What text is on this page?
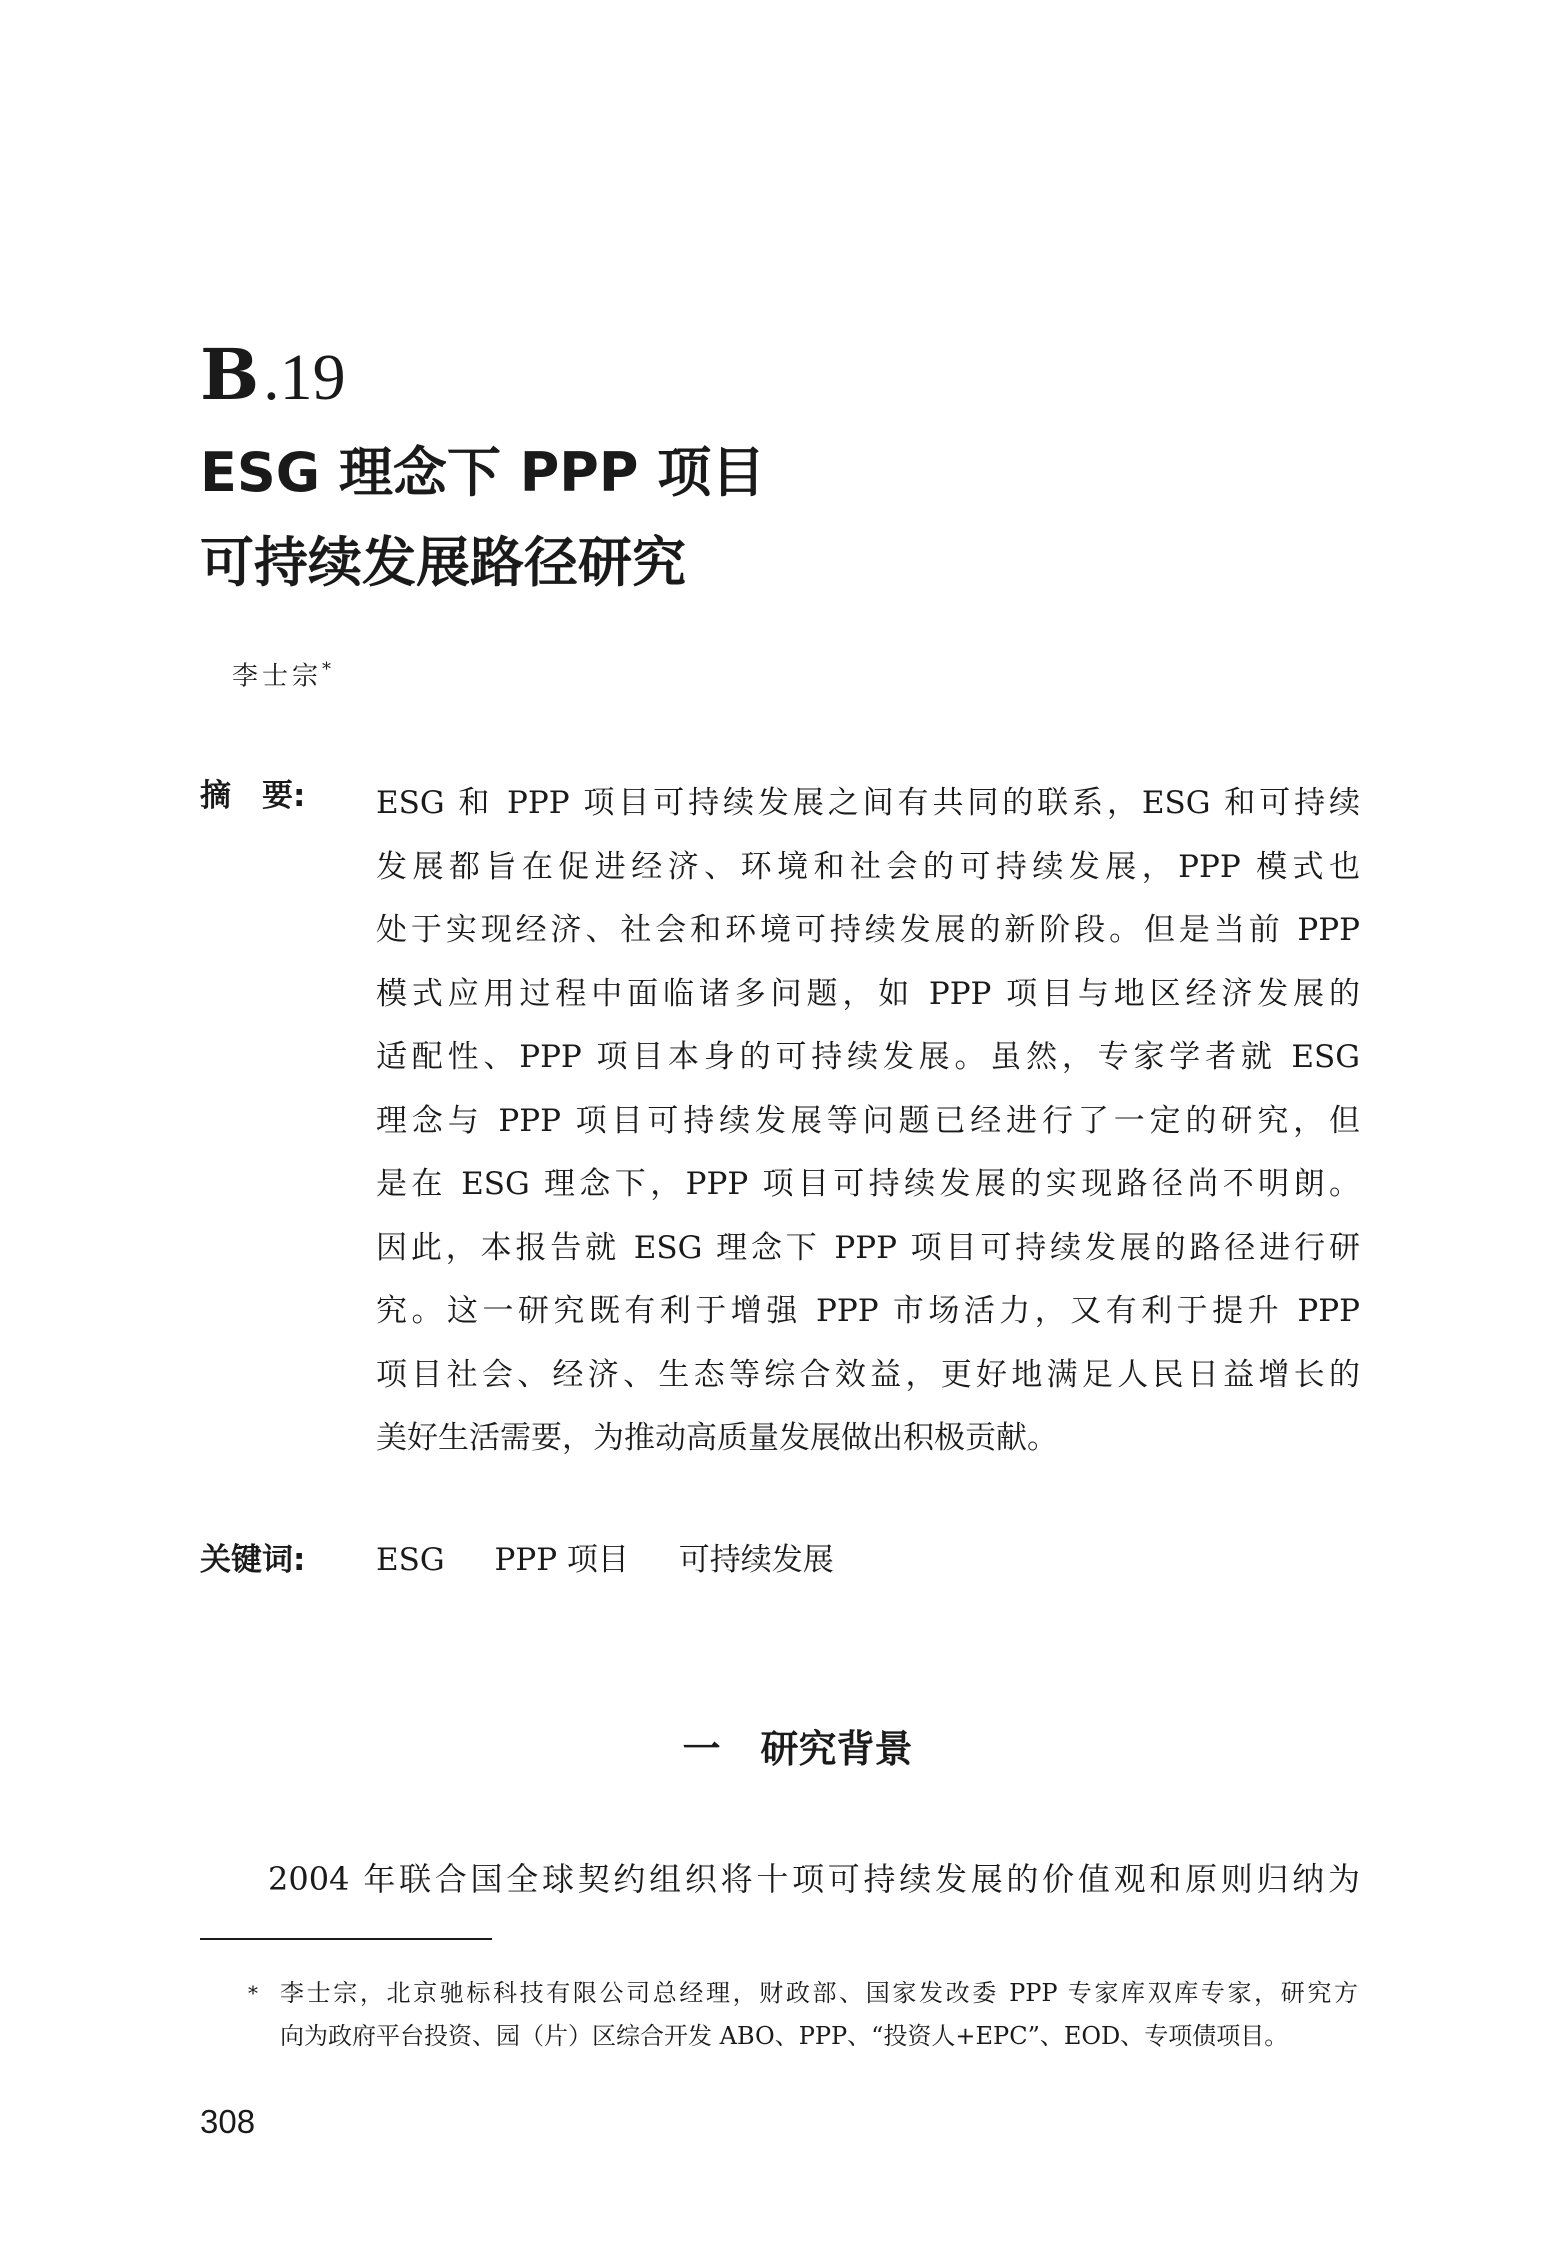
B .19
ESG 理念下 PPP 项目
可持续发展路径研究
李士宗*
摘　要: ESG 和 PPP 项目可持续发展之间有共同的联系，ESG 和可持续
发展都旨在促进经济、环境和社会的可持续发展，PPP 模式也
处于实现经济、社会和环境可持续发展的新阶段。但是当前 PPP
模式应用过程中面临诸多问题，如 PPP 项目与地区经济发展的
适配性、PPP 项目本身的可持续发展。虽然，专家学者就 ESG
理念与 PPP 项目可持续发展等问题已经进行了一定的研究，但
是在 ESG 理念下，PPP 项目可持续发展的实现路径尚不明朗。
因此，本报告就 ESG 理念下 PPP 项目可持续发展的路径进行研
究。这一研究既有利于增强 PPP 市场活力，又有利于提升 PPP
项目社会、经济、生态等综合效益，更好地满足人民日益增长的
美好生活需要，为推动高质量发展做出积极贡献。
关键词: ESG PPP 项目 可持续发展
一 研究背景
2004 年联合国全球契约组织将十项可持续发展的价值观和原则归纳为
* 李士宗，北京驰标科技有限公司总经理，财政部、国家发改委 PPP 专家库双库专家，研究方
向为政府平台投资、园（片）区综合开发 ABO、PPP、“投资人+EPC”、EOD、专项债项目。
308
